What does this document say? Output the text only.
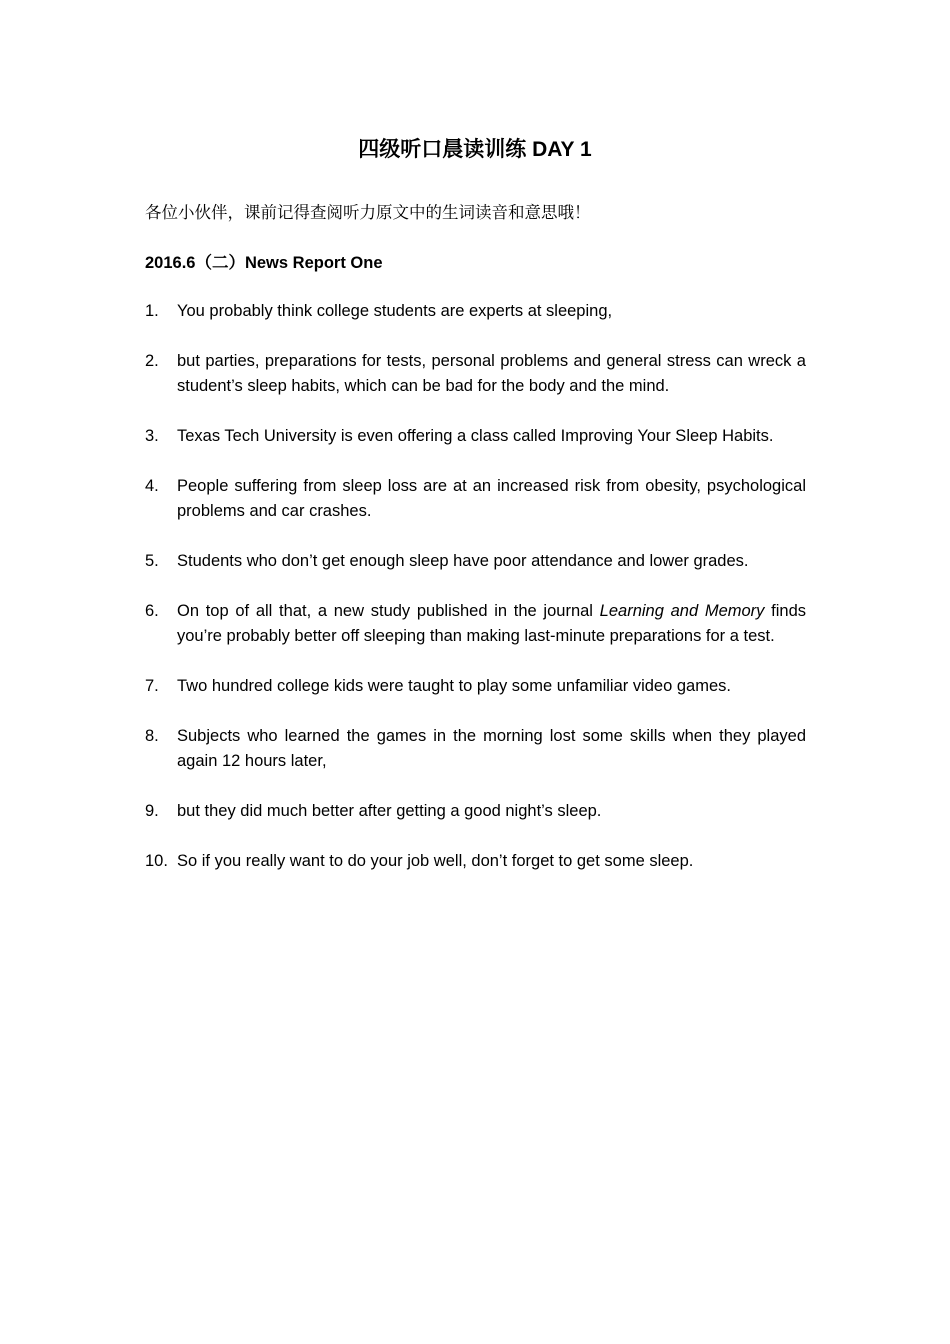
四级听口晨读训练 DAY 1
各位小伙伴，课前记得查阅听力原文中的生词读音和意思哦！
2016.6（二）News Report One
1.	You probably think college students are experts at sleeping,
2.	but parties, preparations for tests, personal problems and general stress can wreck a student’s sleep habits, which can be bad for the body and the mind.
3.	Texas Tech University is even offering a class called Improving Your Sleep Habits.
4.	People suffering from sleep loss are at an increased risk from obesity, psychological problems and car crashes.
5.	Students who don’t get enough sleep have poor attendance and lower grades.
6.	On top of all that, a new study published in the journal Learning and Memory finds you’re probably better off sleeping than making last-minute preparations for a test.
7.	Two hundred college kids were taught to play some unfamiliar video games.
8.	Subjects who learned the games in the morning lost some skills when they played again 12 hours later,
9.	but they did much better after getting a good night’s sleep.
10. So if you really want to do your job well, don’t forget to get some sleep.
